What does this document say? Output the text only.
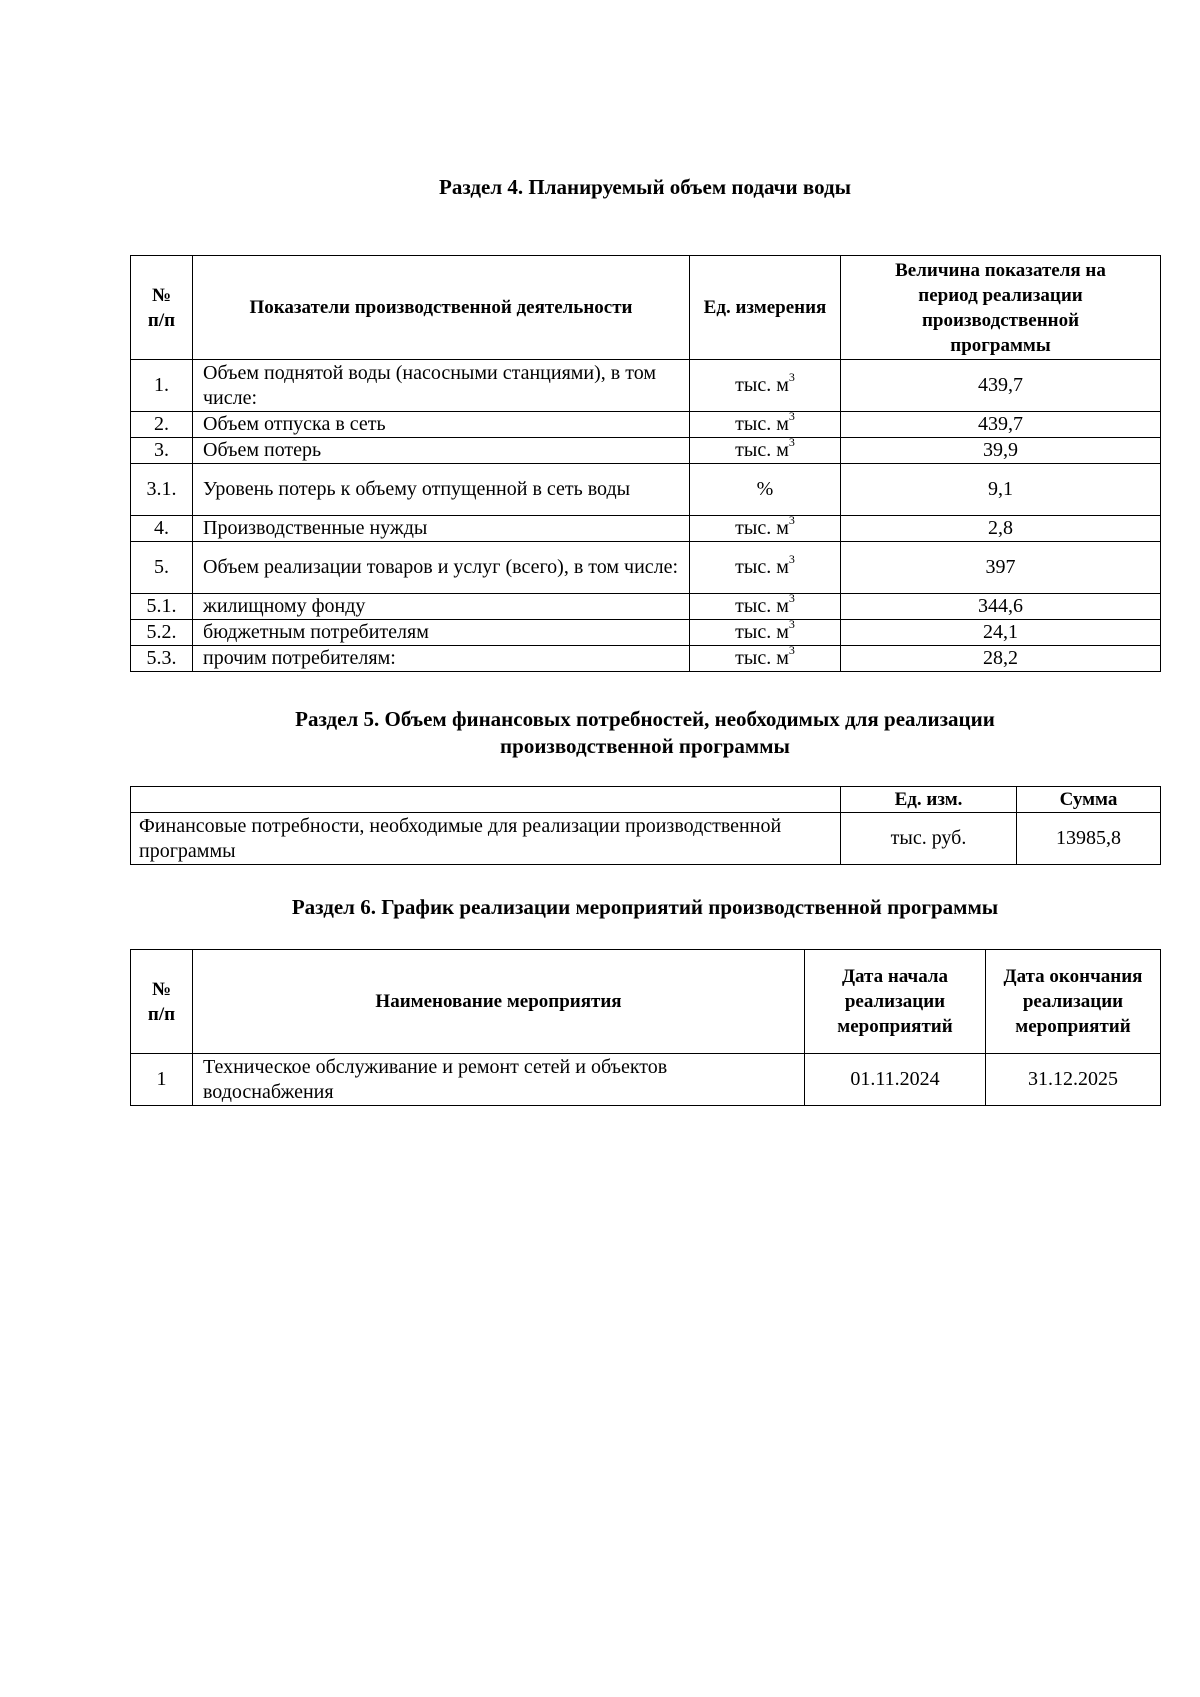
Раздел 4. Планируемый объем подачи воды
№ п/п	Показатели производственной деятельности	Ед. измерения	Величина показателя на период реализации производственной программы
1.	Объем поднятой воды (насосными станциями), в том числе:	тыс. $м^3$	439,7
2.	Объем отпуска в сеть	тыс. $м^3$	439,7
3.	Объем потерь	тыс. $м^3$	39,9
3.1.	Уровень потерь к объему отпущенной в сеть воды	%	9,1
4.	Производственные нужды	тыс. $м^3$	2,8
5.	Объем реализации товаров и услуг (всего), в том числе:	тыс. $м^3$	397
5.1.	жилищному фонду	тыс. $м^3$	344,6
5.2.	бюджетным потребителям	тыс. $м^3$	24,1
5.3.	прочим потребителям:	тыс. $м^3$	28,2
Раздел 5. Объем финансовых потребностей, необходимых для реализации
производственной программы
	Ед. изм.	Сумма
Финансовые потребности, необходимые для реализации производственной программы	тыс. руб.	13985,8
Раздел 6. График реализации мероприятий производственной программы
№ п/п	Наименование мероприятия	Дата начала реализации мероприятий	Дата окончания реализации мероприятий
1	Техническое обслуживание и ремонт сетей и объектов водоснабжения	01.11.2024	31.12.2025
